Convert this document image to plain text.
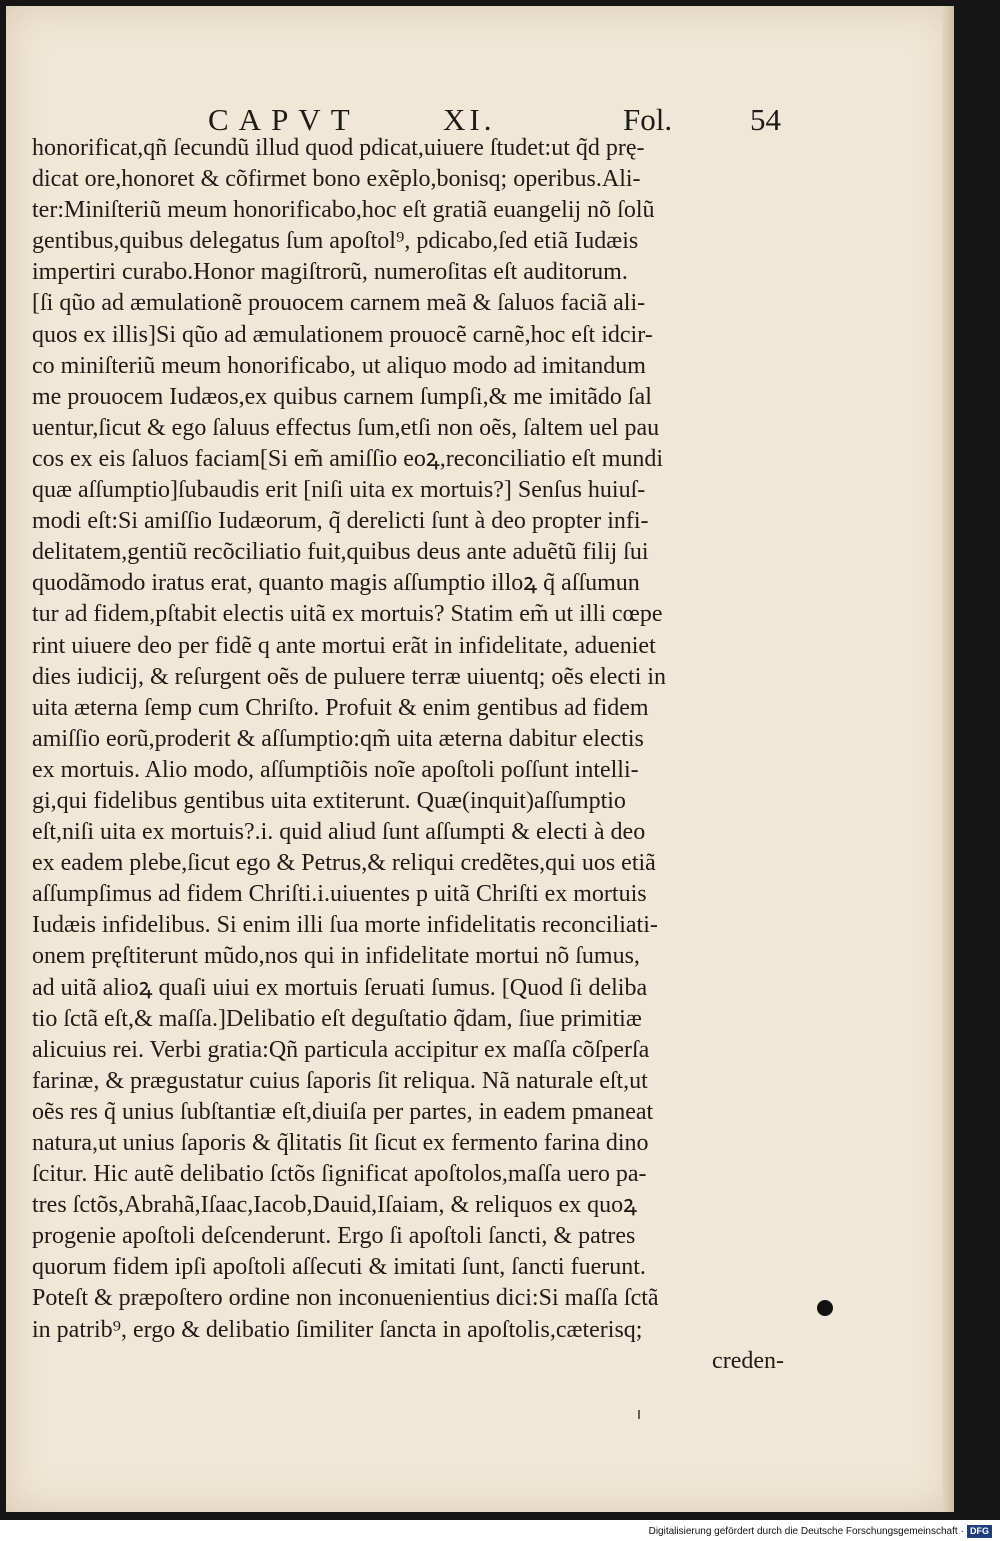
CAPVT	XI.	Fol.	54
honorificat,qñ ſecundũ illud quod pdicat,uiuere ſtudet:ut q̃d prę-
dicat ore,honoret & cõfirmet bono exẽplo,bonisq; operibus.Ali-
ter:Miniſteriũ meum honorificabo,hoc eſt gratiã euangelij nõ ſolũ
gentibus,quibus delegatus ſum apoſtol⁹, pdicabo,ſed etiã Iudæis
impertiri curabo.Honor magiſtrorũ, numeroſitas eſt auditorum.
[ſi qũo ad æmulationẽ prouocem carnem meã & ſaluos faciã ali-
quos ex illis]Si qũo ad æmulationem prouocẽ carnẽ,hoc eſt idcir-
co miniſteriũ meum honorificabo, ut aliquo modo ad imitandum
me prouocem Iudæos,ex quibus carnem ſumpſi,& me imitãdo ſal
uentur,ſicut & ego ſaluus effectus ſum,etſi non oẽs, ſaltem uel pau
cos ex eis ſaluos faciam[Si em̃ amiſſio eoꝝ,reconciliatio eſt mundi
quæ aſſumptio]ſubaudis erit [niſi uita ex mortuis?] Senſus huiuſ-
modi eſt:Si amiſſio Iudæorum, q̃ derelicti ſunt à deo propter infi-
delitatem,gentiũ recõciliatio fuit,quibus deus ante aduẽtũ filij ſui
quodãmodo iratus erat, quanto magis aſſumptio illoꝝ q̃ aſſumun
tur ad fidem,pſtabit electis uitã ex mortuis? Statim em̃ ut illi cœpe
rint uiuere deo per fidẽ q ante mortui erãt in infidelitate, adueniet
dies iudicij, & reſurgent oẽs de puluere terræ uiuentq; oẽs electi in
uita æterna ſemp cum Chriſto. Profuit & enim gentibus ad fidem
amiſſio eorũ,proderit & aſſumptio:qm̃ uita æterna dabitur electis
ex mortuis. Alio modo, aſſumptiõis noĩe apoſtoli poſſunt intelli-
gi,qui fidelibus gentibus uita extiterunt. Quæ(inquit)aſſumptio
eſt,niſi uita ex mortuis?.i. quid aliud ſunt aſſumpti & electi à deo
ex eadem plebe,ſicut ego & Petrus,& reliqui credẽtes,qui uos etiã
aſſumpſimus ad fidem Chriſti.i.uiuentes p uitã Chriſti ex mortuis
Iudæis infidelibus. Si enim illi ſua morte infidelitatis reconciliati-
onem pręſtiterunt mũdo,nos qui in infidelitate mortui nõ ſumus,
ad uitã alioꝝ quaſi uiui ex mortuis ſeruati ſumus. [Quod ſi deliba
tio ſctã eſt,& maſſa.]Delibatio eſt deguſtatio q̃dam, ſiue primitiæ
alicuius rei. Verbi gratia:Qñ particula accipitur ex maſſa cõſperſa
farinæ, & prægustatur cuius ſaporis ſit reliqua. Nã naturale eſt,ut
oẽs res q̃ unius ſubſtantiæ eſt,diuiſa per partes, in eadem pmaneat
natura,ut unius ſaporis & q̃litatis ſit ſicut ex fermento farina dino
ſcitur. Hic autẽ delibatio ſctõs ſignificat apoſtolos,maſſa uero pa-
tres ſctõs,Abrahã,Iſaac,Iacob,Dauid,Iſaiam, & reliquos ex quoꝝ
progenie apoſtoli deſcenderunt. Ergo ſi apoſtoli ſancti, & patres
quorum fidem ipſi apoſtoli aſſecuti & imitati ſunt, ſancti fuerunt.
Poteſt & præpoſtero ordine non inconuenientius dici:Si maſſa ſctã
in patrib⁹, ergo & delibatio ſimiliter ſancta in apoſtolis,cæterisq;
creden-
Digitalisierung gefördert durch die Deutsche Forschungsgemeinschaft · DFG
